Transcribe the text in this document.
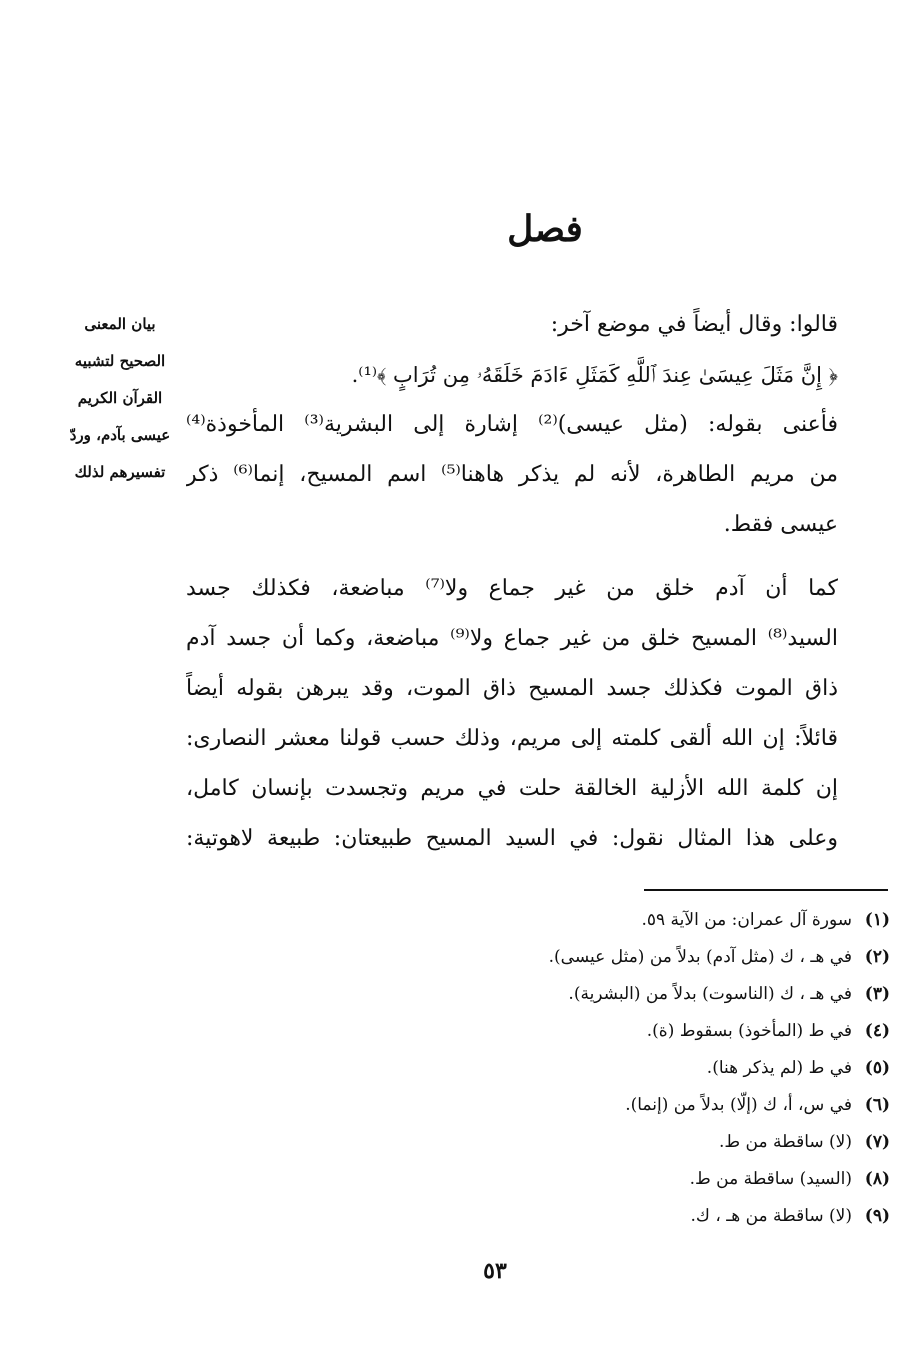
فصل
بيان المعنى
الصحيح لتشبيه
القرآن الكريم
عيسى بآدم، وردّ
تفسيرهم لذلك
قالوا: وقال أيضاً في موضع آخر:
﴿ إِنَّ مَثَلَ عِيسَىٰ عِندَ ٱللَّهِ كَمَثَلِ ءَادَمَ خَلَقَهُۥ مِن تُرَابٍ ﴾⁽¹⁾.
فأعنى بقوله: (مثل عيسى)⁽²⁾ إشارة إلى البشرية⁽³⁾ المأخوذة⁽⁴⁾
من مريم الطاهرة، لأنه لم يذكر هاهنا⁽⁵⁾ اسم المسيح، إنما⁽⁶⁾ ذكر
عيسى فقط.
كما أن آدم خلق من غير جماع ولا⁽⁷⁾ مباضعة، فكذلك جسد
السيد⁽⁸⁾ المسيح خلق من غير جماع ولا⁽⁹⁾ مباضعة، وكما أن جسد آدم
ذاق الموت فكذلك جسد المسيح ذاق الموت، وقد يبرهن بقوله أيضاً
قائلاً: إن الله ألقى كلمته إلى مريم، وذلك حسب قولنا معشر النصارى:
إن كلمة الله الأزلية الخالقة حلت في مريم وتجسدت بإنسان كامل،
وعلى هذا المثال نقول: في السيد المسيح طبيعتان: طبيعة لاهوتية:
(١)سورة آل عمران: من الآية ٥٩.
(٢)في هـ ، ك (مثل آدم) بدلاً من (مثل عيسى).
(٣)في هـ ، ك (الناسوت) بدلاً من (البشرية).
(٤)في ط (المأخوذ) بسقوط (ة).
(٥)في ط (لم يذكر هنا).
(٦)في س، أ، ك (إلّا) بدلاً من (إنما).
(٧)(لا) ساقطة من ط.
(٨)(السيد) ساقطة من ط.
(٩)(لا) ساقطة من هـ ، ك.
٥٣
